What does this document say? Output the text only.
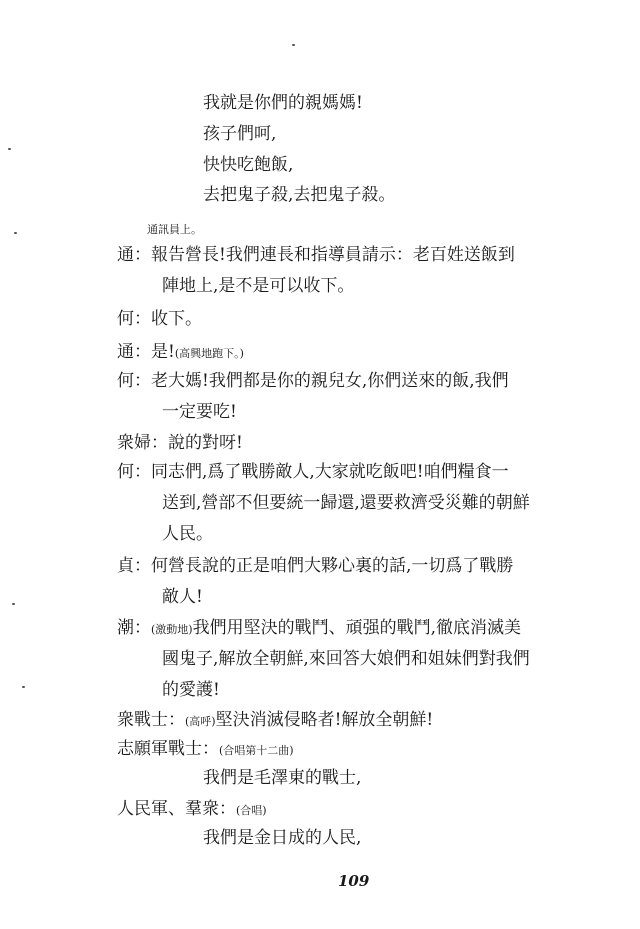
我就是你們的親媽媽!
孩子們呵,
快快吃飽飯,
去把鬼子殺,去把鬼子殺。
通訊員上。
通：報告營長!我們連長和指導員請示：老百姓送飯到
陣地上,是不是可以收下。
何：收下。
通：是!(高興地跑下。)
何：老大媽!我們都是你的親兒女,你們送來的飯,我們
一定要吃!
衆婦：說的對呀!
何：同志們,爲了戰勝敵人,大家就吃飯吧!咱們糧食一
送到,營部不但要統一歸還,還要救濟受災難的朝鮮
人民。
貞：何營長說的正是咱們大夥心裏的話,一切爲了戰勝
敵人!
潮：(激動地)我們用堅決的戰鬥、頑强的戰鬥,徹底消滅美
國鬼子,解放全朝鮮,來回答大娘們和姐妹們對我們
的愛護!
衆戰士：(高呼)堅決消滅侵略者!解放全朝鮮!
志願軍戰士：(合唱第十二曲)
我們是毛澤東的戰士,
人民軍、羣衆：(合唱)
我們是金日成的人民,
109
